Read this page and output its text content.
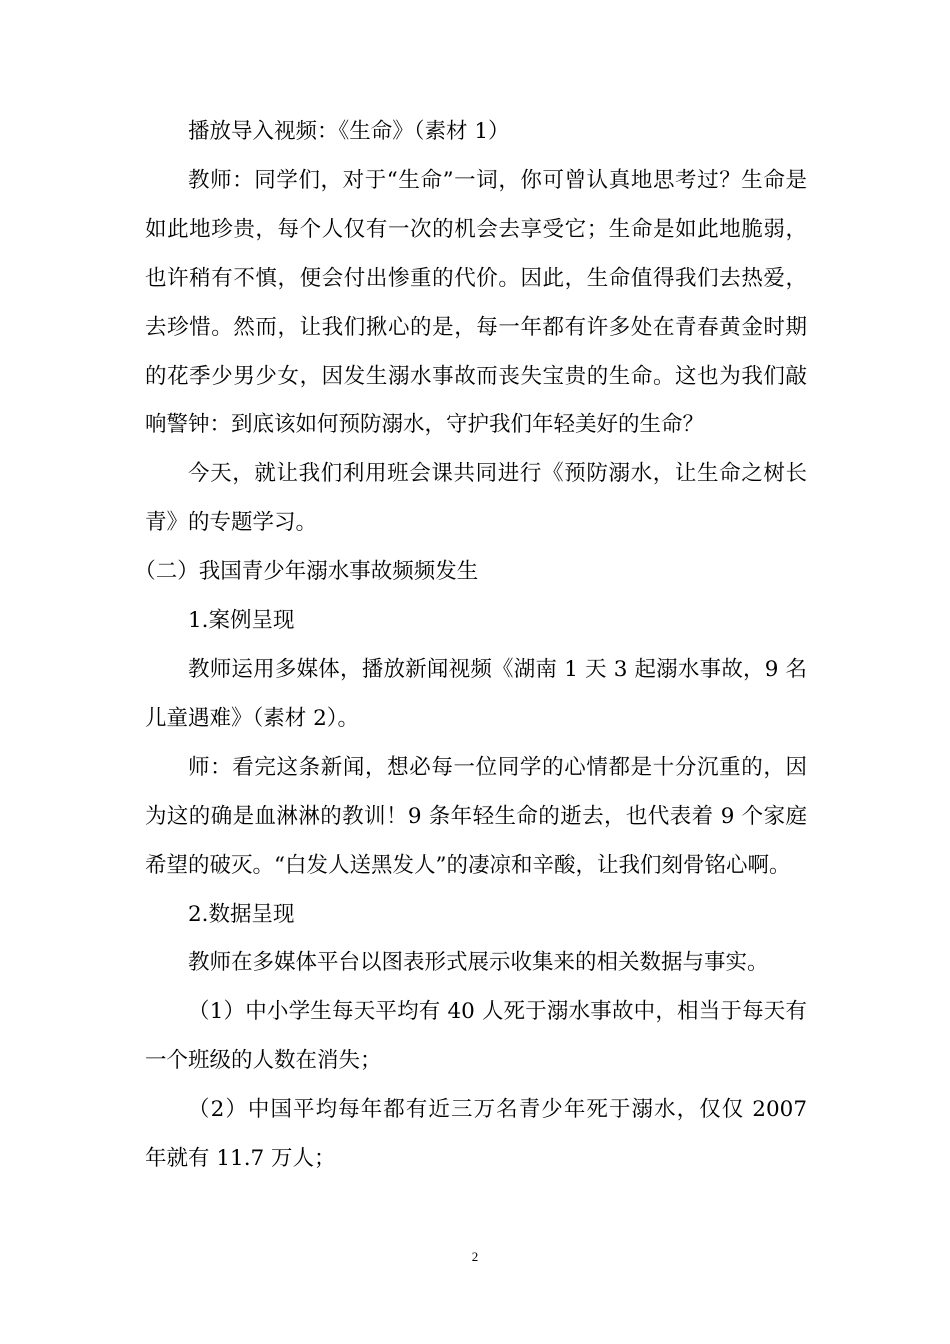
播放导入视频：《生命》（素材 1）

教师：同学们，对于“生命”一词，你可曾认真地思考过？生命是如此地珍贵，每个人仅有一次的机会去享受它；生命是如此地脆弱，也许稍有不慎，便会付出惨重的代价。因此，生命值得我们去热爱，去珍惜。然而，让我们揪心的是，每一年都有许多处在青春黄金时期的花季少男少女，因发生溺水事故而丧失宝贵的生命。这也为我们敲响警钟：到底该如何预防溺水，守护我们年轻美好的生命？

今天，就让我们利用班会课共同进行《预防溺水，让生命之树长青》的专题学习。

（二）我国青少年溺水事故频频发生

1.案例呈现

教师运用多媒体，播放新闻视频《湖南 1 天 3 起溺水事故，9 名儿童遇难》（素材 2）。

师：看完这条新闻，想必每一位同学的心情都是十分沉重的，因为这的确是血淋淋的教训！9 条年轻生命的逝去，也代表着 9 个家庭希望的破灭。“白发人送黑发人”的凄凉和辛酸，让我们刻骨铭心啊。

2.数据呈现

教师在多媒体平台以图表形式展示收集来的相关数据与事实。

（1）中小学生每天平均有 40 人死于溺水事故中，相当于每天有一个班级的人数在消失；

（2）中国平均每年都有近三万名青少年死于溺水，仅仅 2007 年就有 11.7 万人；

2
